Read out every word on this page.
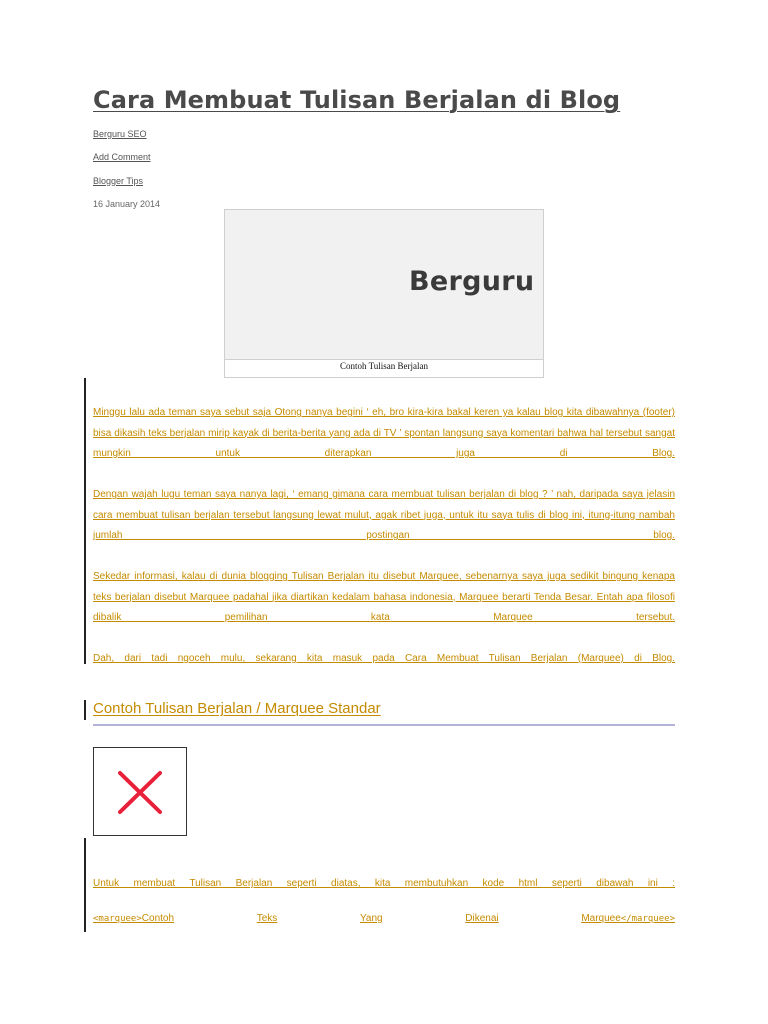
Cara Membuat Tulisan Berjalan di Blog
Berguru SEO
Add Comment
Blogger Tips
16 January 2014
Berguru
Contoh Tulisan Berjalan

Minggu lalu ada teman saya sebut saja Otong nanya begini ‘ eh, bro kira-kira bakal keren ya kalau blog kita dibawahnya (footer) bisa dikasih teks berjalan mirip kayak di berita-berita yang ada di TV ’ spontan langsung saya komentari bahwa hal tersebut sangat mungkin untuk diterapkan juga di Blog.

Dengan wajah lugu teman saya nanya lagi, ‘ emang gimana cara membuat tulisan berjalan di blog ? ’ nah, daripada saya jelasin cara membuat tulisan berjalan tersebut langsung lewat mulut, agak ribet juga, untuk itu saya tulis di blog ini, itung-itung nambah jumlah postingan blog.

Sekedar informasi, kalau di dunia blogging Tulisan Berjalan itu disebut Marquee, sebenarnya saya juga sedikit bingung kenapa teks berjalan disebut Marquee padahal jika diartikan kedalam bahasa indonesia, Marquee berarti Tenda Besar. Entah apa filosofi dibalik pemilihan kata Marquee tersebut.

Dah, dari tadi ngoceh mulu, sekarang kita masuk pada Cara Membuat Tulisan Berjalan (Marquee) di Blog.

Contoh Tulisan Berjalan / Marquee Standar

Untuk membuat Tulisan Berjalan seperti diatas, kita membutuhkan kode html seperti dibawah ini :

<marquee>Contoh	Teks	Yang	Dikenai	Marquee</marquee>
